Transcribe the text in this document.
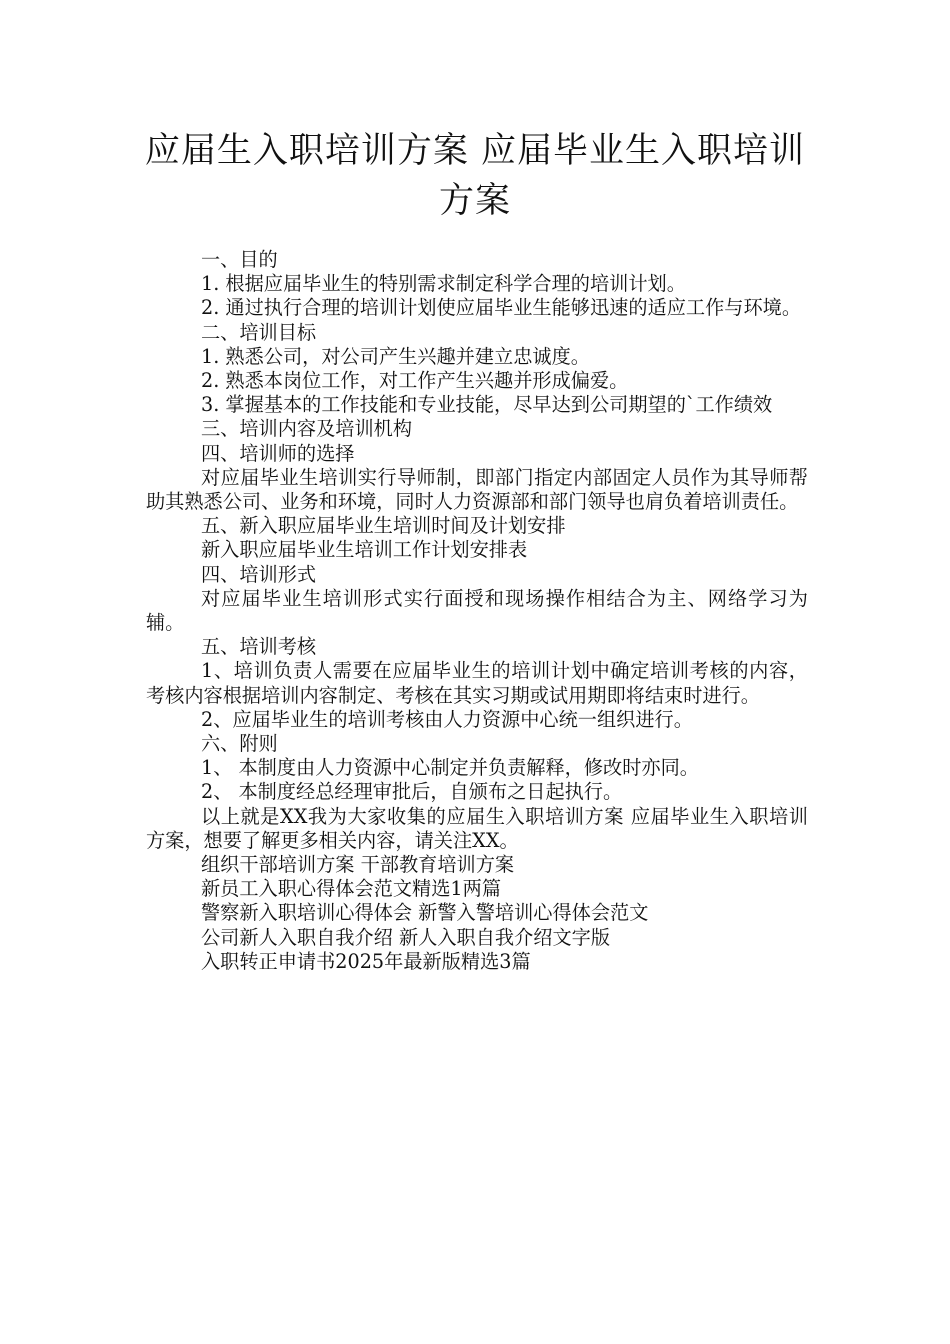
应届生入职培训方案 应届毕业生入职培训方案

一、目的

1. 根据应届毕业生的特别需求制定科学合理的培训计划。

2. 通过执行合理的培训计划使应届毕业生能够迅速的适应工作与环境。

二、培训目标

1. 熟悉公司，对公司产生兴趣并建立忠诚度。

2. 熟悉本岗位工作，对工作产生兴趣并形成偏爱。

3. 掌握基本的工作技能和专业技能，尽早达到公司期望的`工作绩效

三、培训内容及培训机构

四、培训师的选择

对应届毕业生培训实行导师制，即部门指定内部固定人员作为其导师帮助其熟悉公司、业务和环境，同时人力资源部和部门领导也肩负着培训责任。

五、新入职应届毕业生培训时间及计划安排

新入职应届毕业生培训工作计划安排表

四、培训形式

对应届毕业生培训形式实行面授和现场操作相结合为主、网络学习为辅。

五、培训考核

1、培训负责人需要在应届毕业生的培训计划中确定培训考核的内容，考核内容根据培训内容制定、考核在其实习期或试用期即将结束时进行。

2、应届毕业生的培训考核由人力资源中心统一组织进行。

六、附则

1、 本制度由人力资源中心制定并负责解释，修改时亦同。

2、 本制度经总经理审批后，自颁布之日起执行。

以上就是XX我为大家收集的应届生入职培训方案 应届毕业生入职培训方案，想要了解更多相关内容，请关注XX。

组织干部培训方案 干部教育培训方案

新员工入职心得体会范文精选1两篇

警察新入职培训心得体会 新警入警培训心得体会范文

公司新人入职自我介绍 新人入职自我介绍文字版

入职转正申请书2025年最新版精选3篇
